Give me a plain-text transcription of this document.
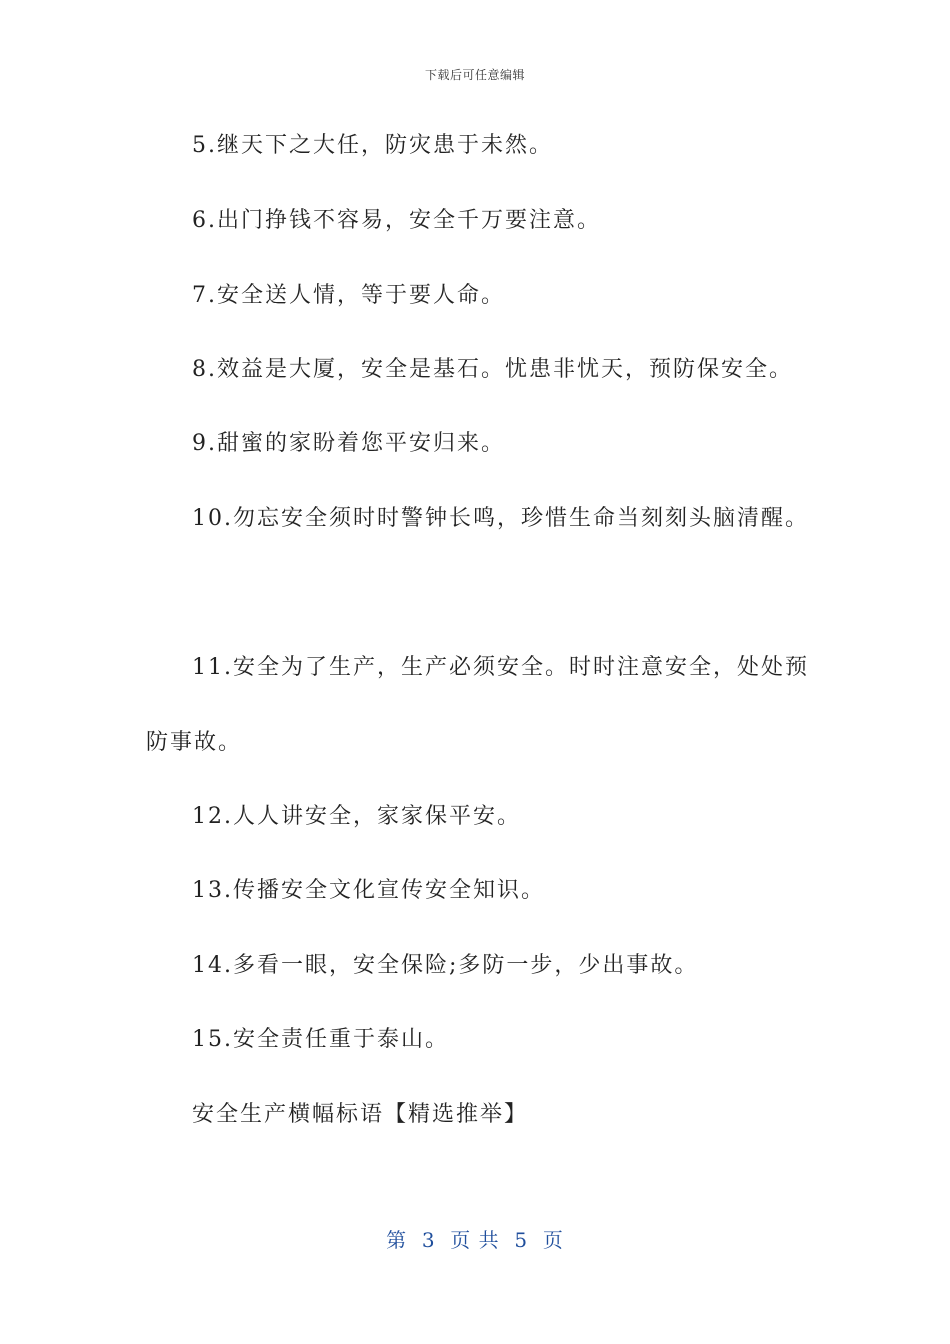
下载后可任意编辑
5.继天下之大任，防灾患于未然。
6.出门挣钱不容易，安全千万要注意。
7.安全送人情，等于要人命。
8.效益是大厦，安全是基石。忧患非忧天，预防保安全。
9.甜蜜的家盼着您平安归来。
10.勿忘安全须时时警钟长鸣，珍惜生命当刻刻头脑清醒。
11.安全为了生产，生产必须安全。时时注意安全，处处预
防事故。
12.人人讲安全，家家保平安。
13.传播安全文化宣传安全知识。
14.多看一眼，安全保险;多防一步，少出事故。
15.安全责任重于泰山。
安全生产横幅标语【精选推举】
第  3  页 共  5  页
